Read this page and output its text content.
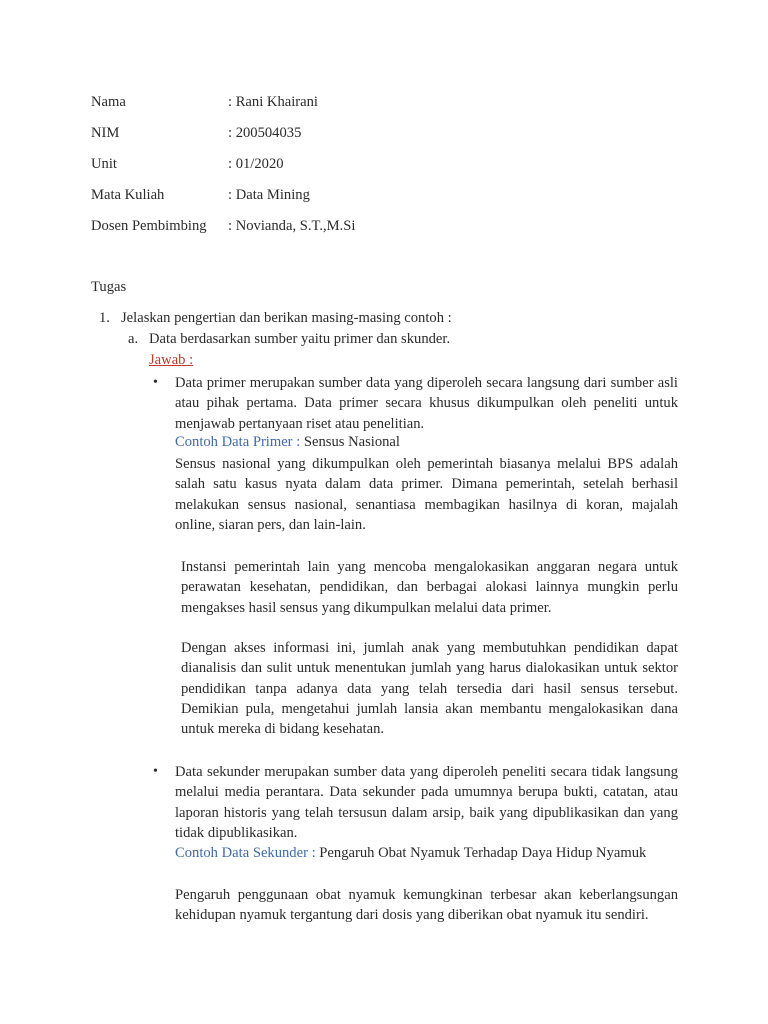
Nama	: Rani Khairani
NIM	: 200504035
Unit	: 01/2020
Mata Kuliah	: Data Mining
Dosen Pembimbing : Novianda, S.T.,M.Si
Tugas
1. Jelaskan pengertian dan berikan masing-masing contoh :
a. Data berdasarkan sumber yaitu primer dan skunder.
Jawab :
• Data primer merupakan sumber data yang diperoleh secara langsung dari sumber asli atau pihak pertama. Data primer secara khusus dikumpulkan oleh peneliti untuk menjawab pertanyaan riset atau penelitian.
Contoh Data Primer : Sensus Nasional
Sensus nasional yang dikumpulkan oleh pemerintah biasanya melalui BPS adalah salah satu kasus nyata dalam data primer. Dimana pemerintah, setelah berhasil melakukan sensus nasional, senantiasa membagikan hasilnya di koran, majalah online, siaran pers, dan lain-lain.
Instansi pemerintah lain yang mencoba mengalokasikan anggaran negara untuk perawatan kesehatan, pendidikan, dan berbagai alokasi lainnya mungkin perlu mengakses hasil sensus yang dikumpulkan melalui data primer.
Dengan akses informasi ini, jumlah anak yang membutuhkan pendidikan dapat dianalisis dan sulit untuk menentukan jumlah yang harus dialokasikan untuk sektor pendidikan tanpa adanya data yang telah tersedia dari hasil sensus tersebut. Demikian pula, mengetahui jumlah lansia akan membantu mengalokasikan dana untuk mereka di bidang kesehatan.
• Data sekunder merupakan sumber data yang diperoleh peneliti secara tidak langsung melalui media perantara. Data sekunder pada umumnya berupa bukti, catatan, atau laporan historis yang telah tersusun dalam arsip, baik yang dipublikasikan dan yang tidak dipublikasikan.
Contoh Data Sekunder : Pengaruh Obat Nyamuk Terhadap Daya Hidup Nyamuk
Pengaruh penggunaan obat nyamuk kemungkinan terbesar akan keberlangsungan kehidupan nyamuk tergantung dari dosis yang diberikan obat nyamuk itu sendiri.
